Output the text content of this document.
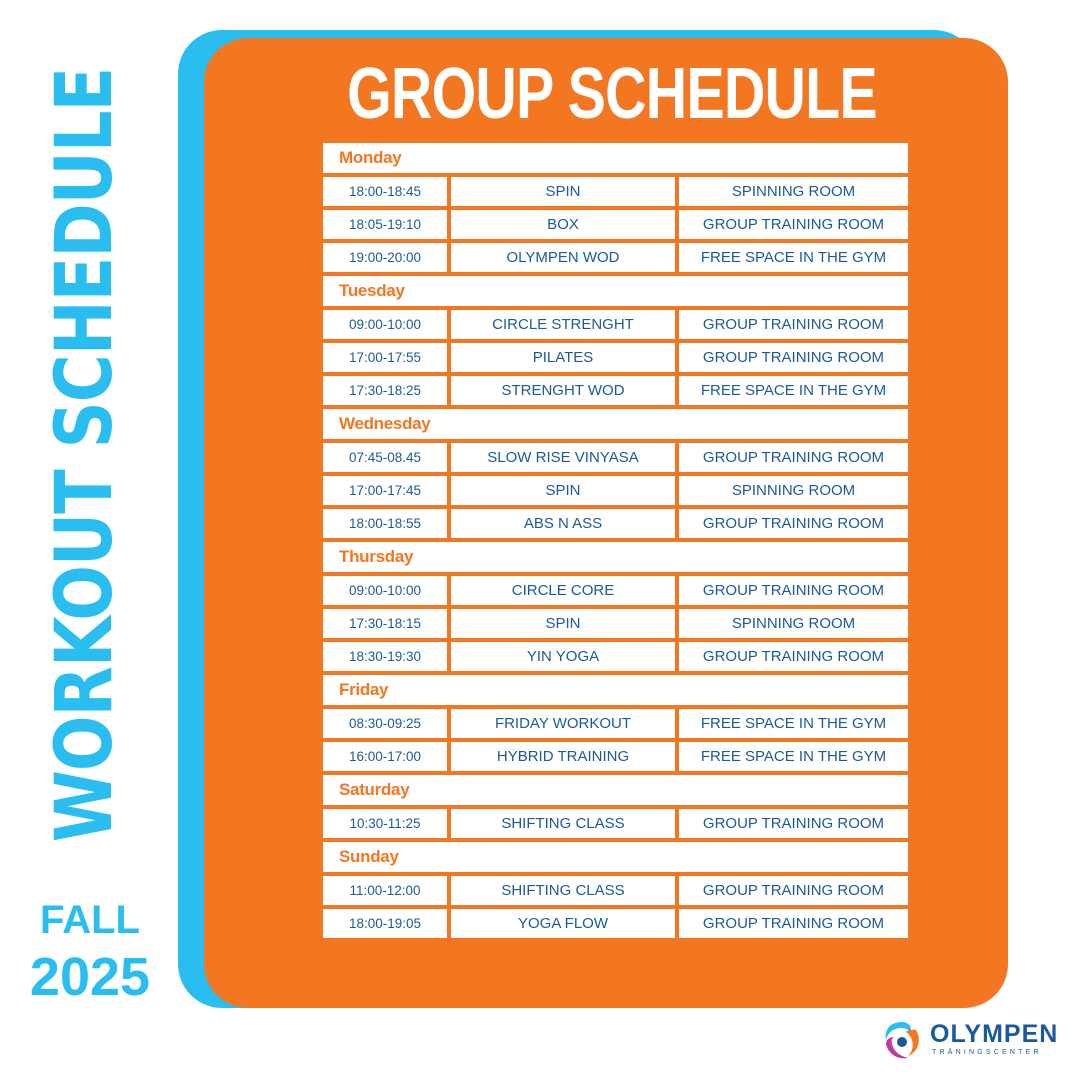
WORKOUT SCHEDULE
FALL
2025
GROUP SCHEDULE
Monday
18:00-18:45	SPIN	SPINNING ROOM
18:05-19:10	BOX	GROUP TRAINING ROOM
19:00-20:00	OLYMPEN WOD	FREE SPACE IN THE GYM
Tuesday
09:00-10:00	CIRCLE STRENGHT	GROUP TRAINING ROOM
17:00-17:55	PILATES	GROUP TRAINING ROOM
17:30-18:25	STRENGHT WOD	FREE SPACE IN THE GYM
Wednesday
07:45-08.45	SLOW RISE VINYASA	GROUP TRAINING ROOM
17:00-17:45	SPIN	SPINNING ROOM
18:00-18:55	ABS N ASS	GROUP TRAINING ROOM
Thursday
09:00-10:00	CIRCLE CORE	GROUP TRAINING ROOM
17:30-18:15	SPIN	SPINNING ROOM
18:30-19:30	YIN YOGA	GROUP TRAINING ROOM
Friday
08:30-09:25	FRIDAY WORKOUT	FREE SPACE IN THE GYM
16:00-17:00	HYBRID TRAINING	FREE SPACE IN THE GYM
Saturday
10:30-11:25	SHIFTING CLASS	GROUP TRAINING ROOM
Sunday
11:00-12:00	SHIFTING CLASS	GROUP TRAINING ROOM
18:00-19:05	YOGA FLOW	GROUP TRAINING ROOM
OLYMPEN
TRÄNINGSCENTER
